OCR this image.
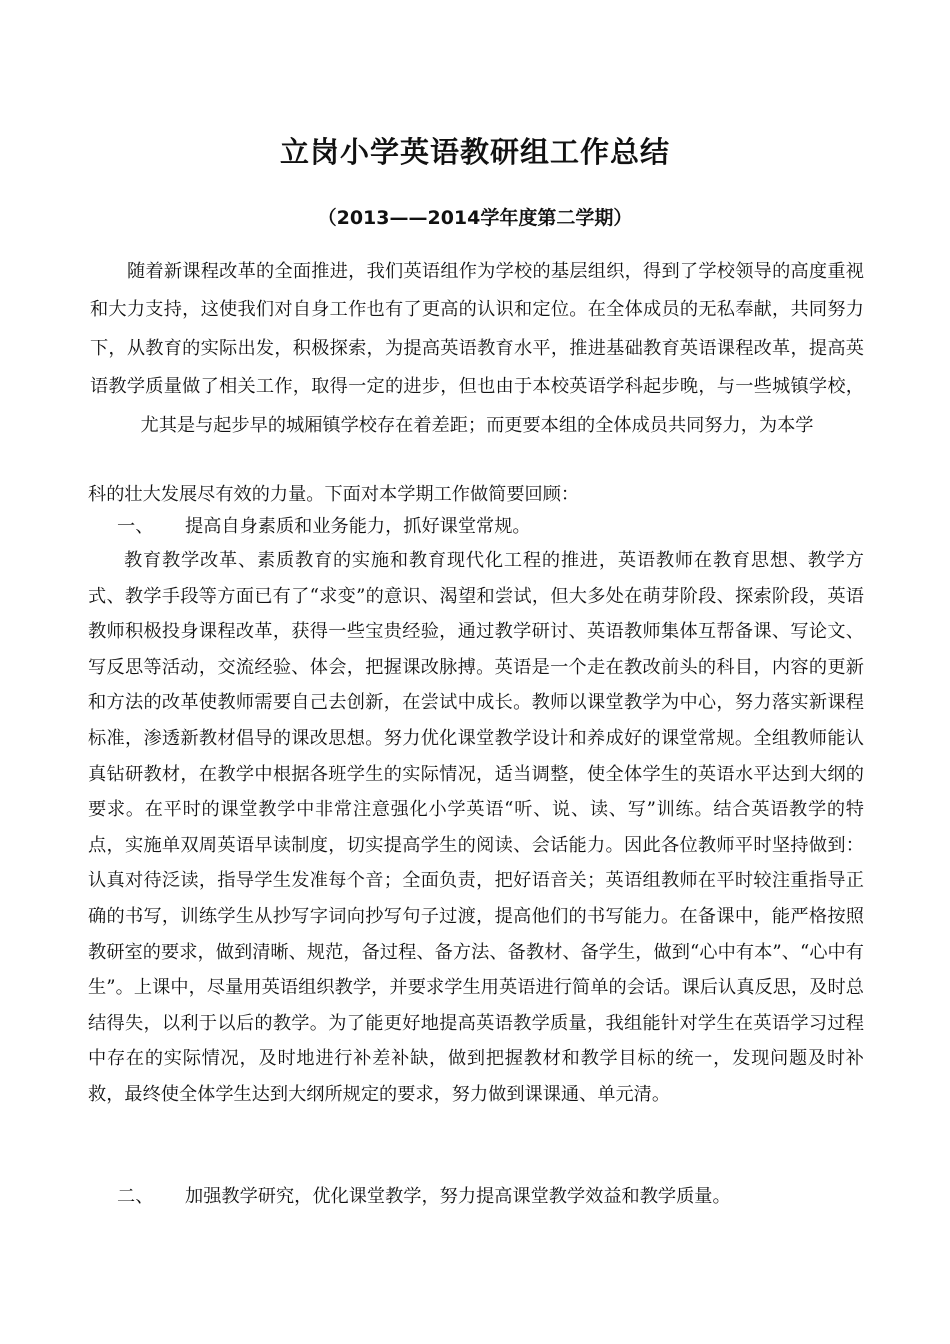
立岗小学英语教研组工作总结
（2013——2014学年度第二学期）
随着新课程改革的全面推进，我们英语组作为学校的基层组织，得到了学校领导的高度重视和大力支持，这使我们对自身工作也有了更高的认识和定位。在全体成员的无私奉献，共同努力下，从教育的实际出发，积极探索，为提高英语教育水平，推进基础教育英语课程改革，提高英语教学质量做了相关工作，取得一定的进步，但也由于本校英语学科起步晚，与一些城镇学校，尤其是与起步早的城厢镇学校存在着差距；而更要本组的全体成员共同努力，为本学
科的壮大发展尽有效的力量。下面对本学期工作做简要回顾：
一、 提高自身素质和业务能力，抓好课堂常规。
教育教学改革、素质教育的实施和教育现代化工程的推进，英语教师在教育思想、教学方式、教学手段等方面已有了“求变”的意识、渴望和尝试，但大多处在萌芽阶段、探索阶段，英语教师积极投身课程改革，获得一些宝贵经验，通过教学研讨、英语教师集体互帮备课、写论文、写反思等活动，交流经验、体会，把握课改脉搏。英语是一个走在教改前头的科目，内容的更新和方法的改革使教师需要自己去创新，在尝试中成长。教师以课堂教学为中心，努力落实新课程标准，渗透新教材倡导的课改思想。努力优化课堂教学设计和养成好的课堂常规。全组教师能认真钻研教材，在教学中根据各班学生的实际情况，适当调整，使全体学生的英语水平达到大纲的要求。在平时的课堂教学中非常注意强化小学英语“听、说、读、写”训练。结合英语教学的特点，实施单双周英语早读制度，切实提高学生的阅读、会话能力。因此各位教师平时坚持做到：认真对待泛读，指导学生发准每个音；全面负责，把好语音关；英语组教师在平时较注重指导正确的书写，训练学生从抄写字词向抄写句子过渡，提高他们的书写能力。在备课中，能严格按照教研室的要求，做到清晰、规范，备过程、备方法、备教材、备学生，做到“心中有本”、“心中有生”。上课中，尽量用英语组织教学，并要求学生用英语进行简单的会话。课后认真反思，及时总结得失，以利于以后的教学。为了能更好地提高英语教学质量，我组能针对学生在英语学习过程中存在的实际情况，及时地进行补差补缺，做到把握教材和教学目标的统一，发现问题及时补救，最终使全体学生达到大纲所规定的要求，努力做到课课通、单元清。
二、 加强教学研究，优化课堂教学，努力提高课堂教学效益和教学质量。
